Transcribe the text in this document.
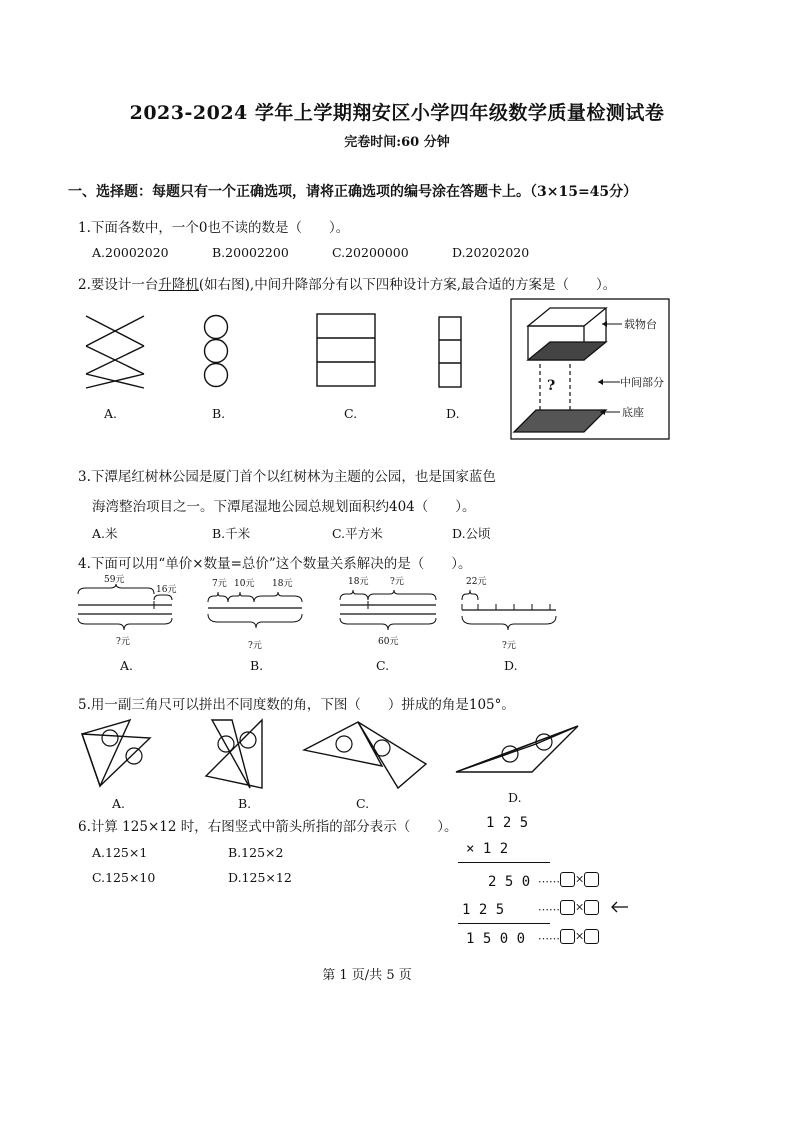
2023-2024 学年上学期翔安区小学四年级数学质量检测试卷
完卷时间:60 分钟
一、选择题：每题只有一个正确选项，请将正确选项的编号涂在答题卡上。（3×15=45分）
1.下面各数中，一个0也不读的数是（　　）。
A.20002020	B.20002200	C.20200000	D.20202020
2.要设计一台升降机(如右图),中间升降部分有以下四种设计方案,最合适的方案是（　　）。
A.	B.	C.	D.
?
载物台
中间部分
底座
3.下潭尾红树林公园是厦门首个以红树林为主题的公园，也是国家蓝色
海湾整治项目之一。下潭尾湿地公园总规划面积约404（　　）。
A.米	B.千米	C.平方米	D.公顷
4.下面可以用“单价×数量=总价”这个数量关系解决的是（　　）。
59元
16元
?元
A.
7元 10元 18元
?元
B.
18元 ?元
60元
C.
22元
?元
D.
5.用一副三角尺可以拼出不同度数的角，下图（　　）拼成的角是105°。
A.	B.	C.	D.
6.计算 125×12 时，右图竖式中箭头所指的部分表示（　　）。
A.125×1	B.125×2
C.125×10	D.125×12
1 2 5
× 1 2
2 5 0 …… ×
1 2 5	…… ×
1 5 0 0 …… ×
第 1 页/共 5 页
